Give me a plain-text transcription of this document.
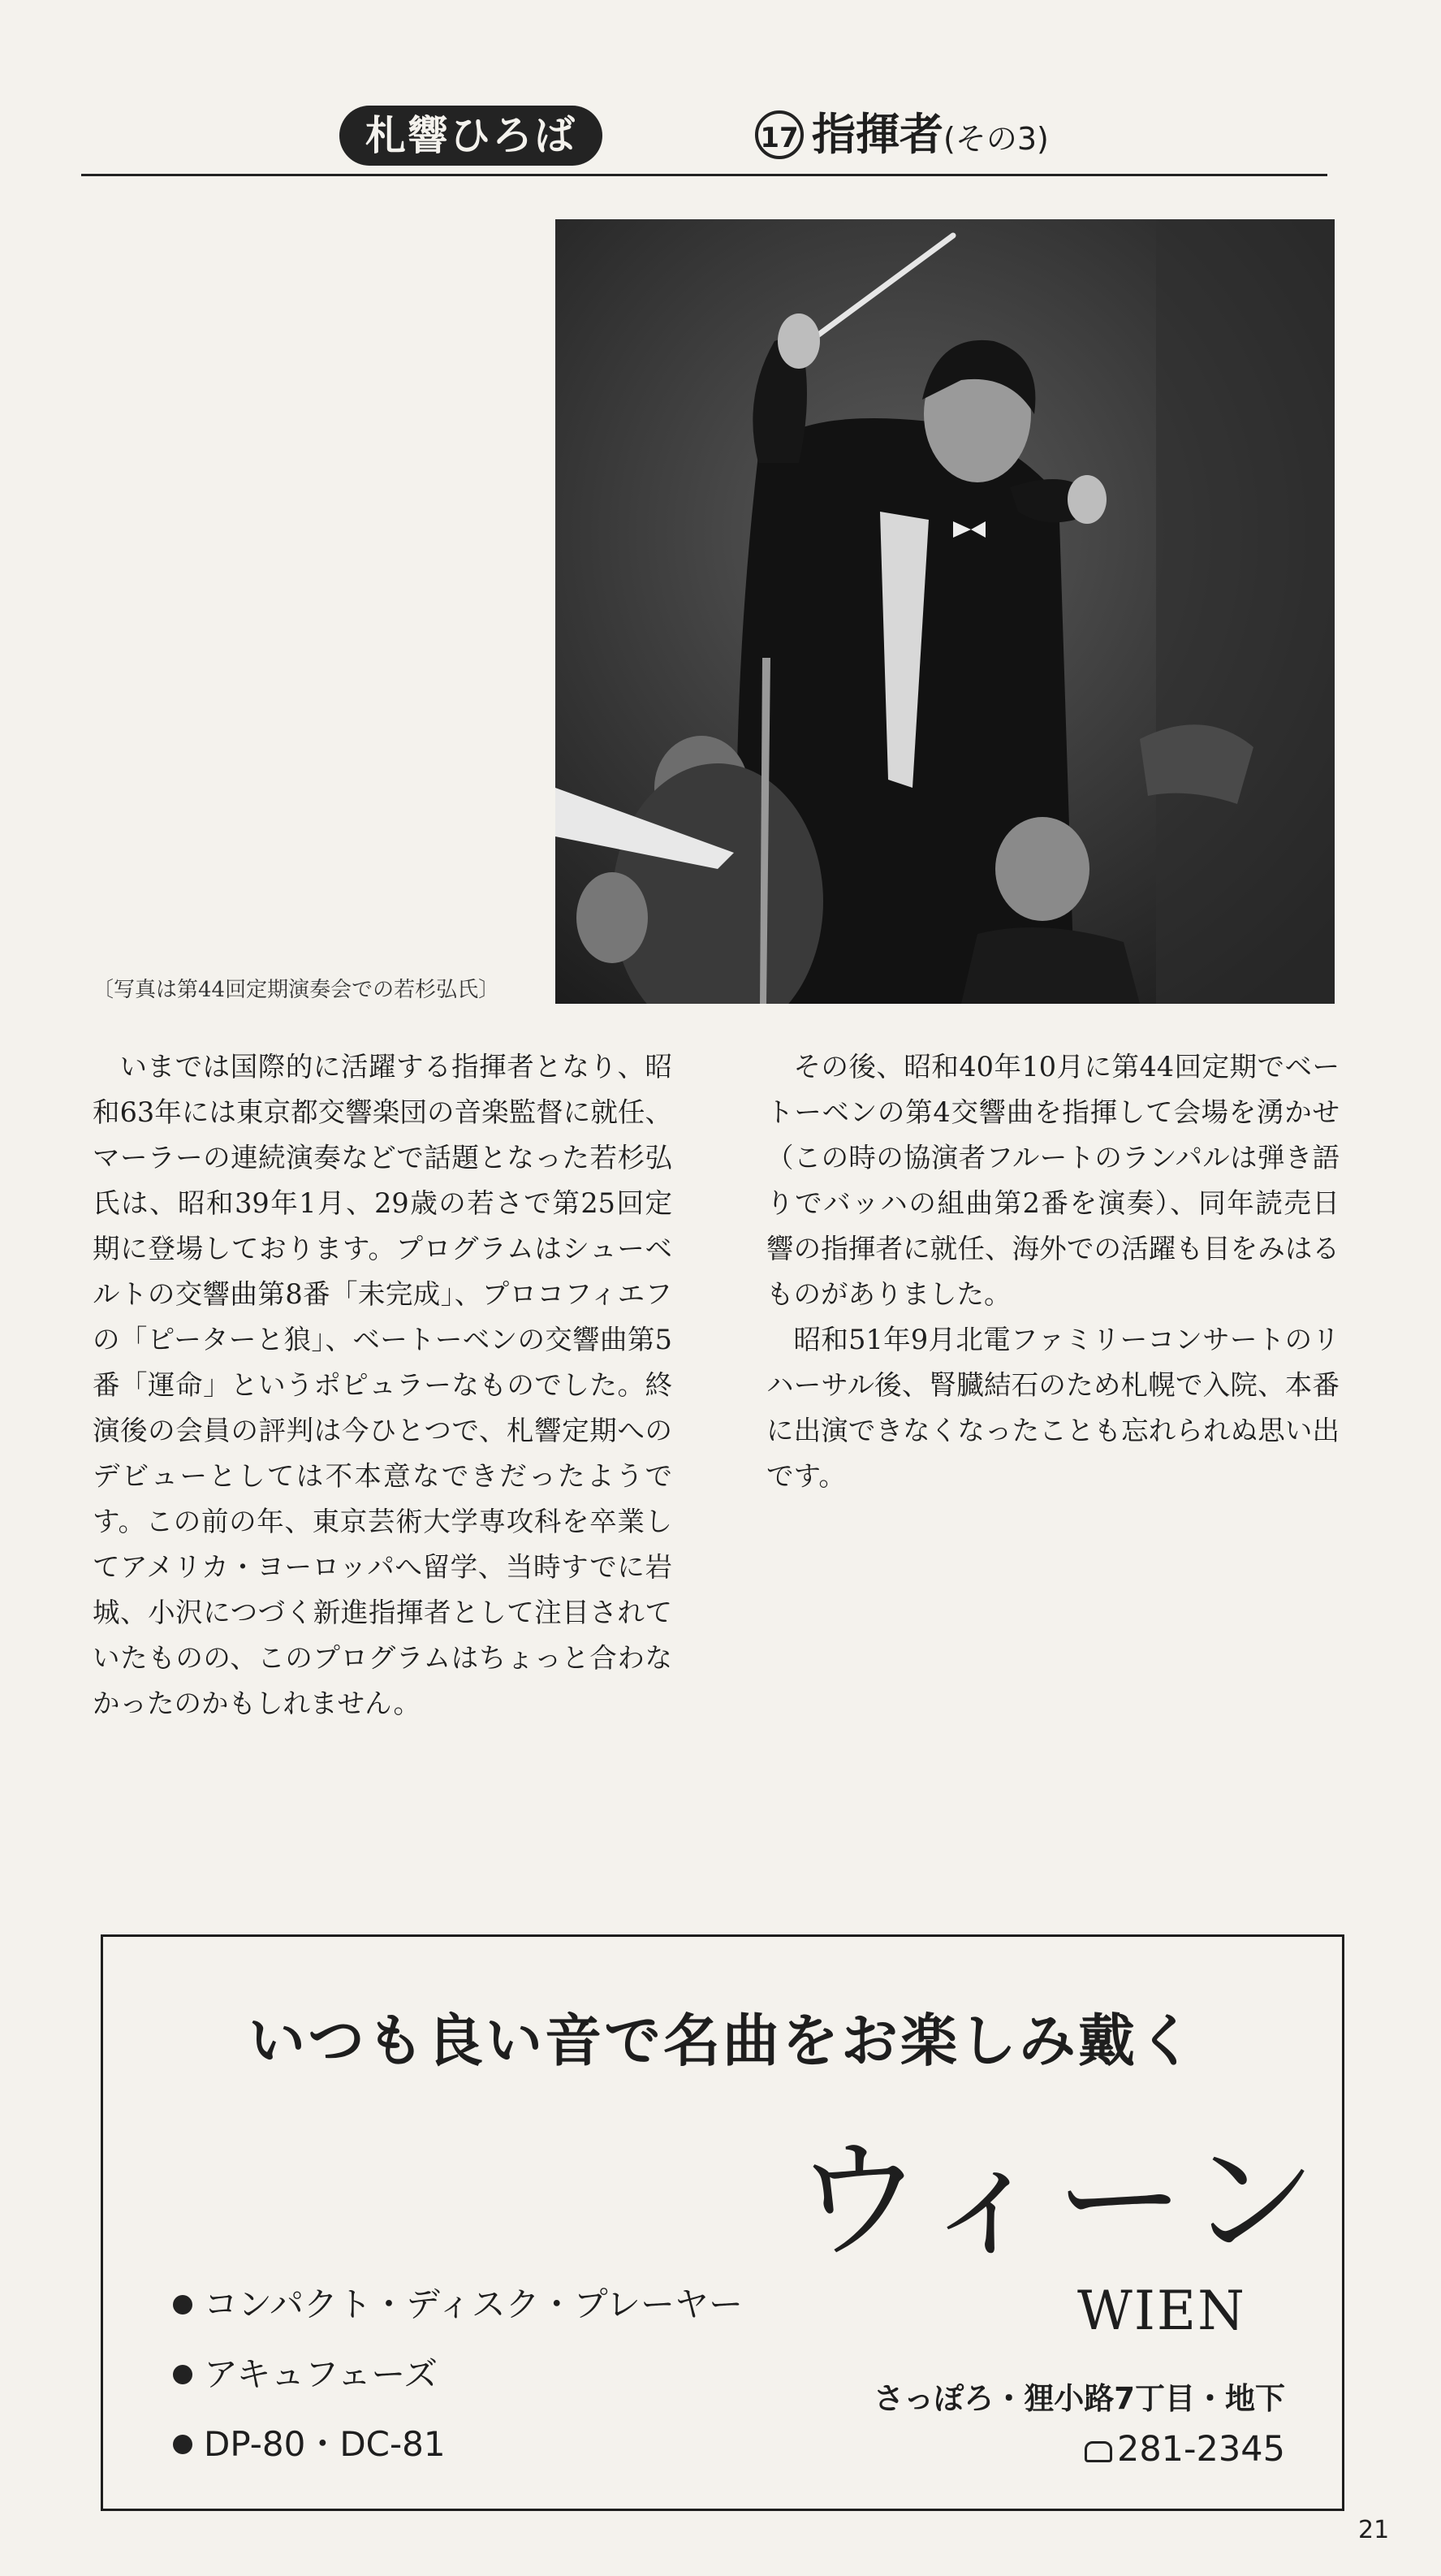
札響ひろば	17 指揮者(その3)
〔写真は第44回定期演奏会での若杉弘氏〕

いまでは国際的に活躍する指揮者となり、昭和63年には東京都交響楽団の音楽監督に就任、マーラーの連続演奏などで話題となった若杉弘氏は、昭和39年1月、29歳の若さで第25回定期に登場しております。プログラムはシューベルトの交響曲第8番「未完成」、プロコフィエフの「ピーターと狼」、ベートーベンの交響曲第5番「運命」というポピュラーなものでした。終演後の会員の評判は今ひとつで、札響定期へのデビューとしては不本意なできだったようです。この前の年、東京芸術大学専攻科を卒業してアメリカ・ヨーロッパへ留学、当時すでに岩城、小沢につづく新進指揮者として注目されていたものの、このプログラムはちょっと合わなかったのかもしれません。

その後、昭和40年10月に第44回定期でベートーベンの第4交響曲を指揮して会場を湧かせ（この時の協演者フルートのランパルは弾き語りでバッハの組曲第2番を演奏）、同年読売日響の指揮者に就任、海外での活躍も目をみはるものがありました。

昭和51年9月北電ファミリーコンサートのリハーサル後、腎臓結石のため札幌で入院、本番に出演できなくなったことも忘れられぬ思い出です。

いつも良い音で名曲をお楽しみ戴く
ウィーン
WIEN
コンパクト・ディスク・プレーヤー
アキュフェーズ
DP-80・DC-81
さっぽろ・狸小路7丁目・地下
281-2345
21
